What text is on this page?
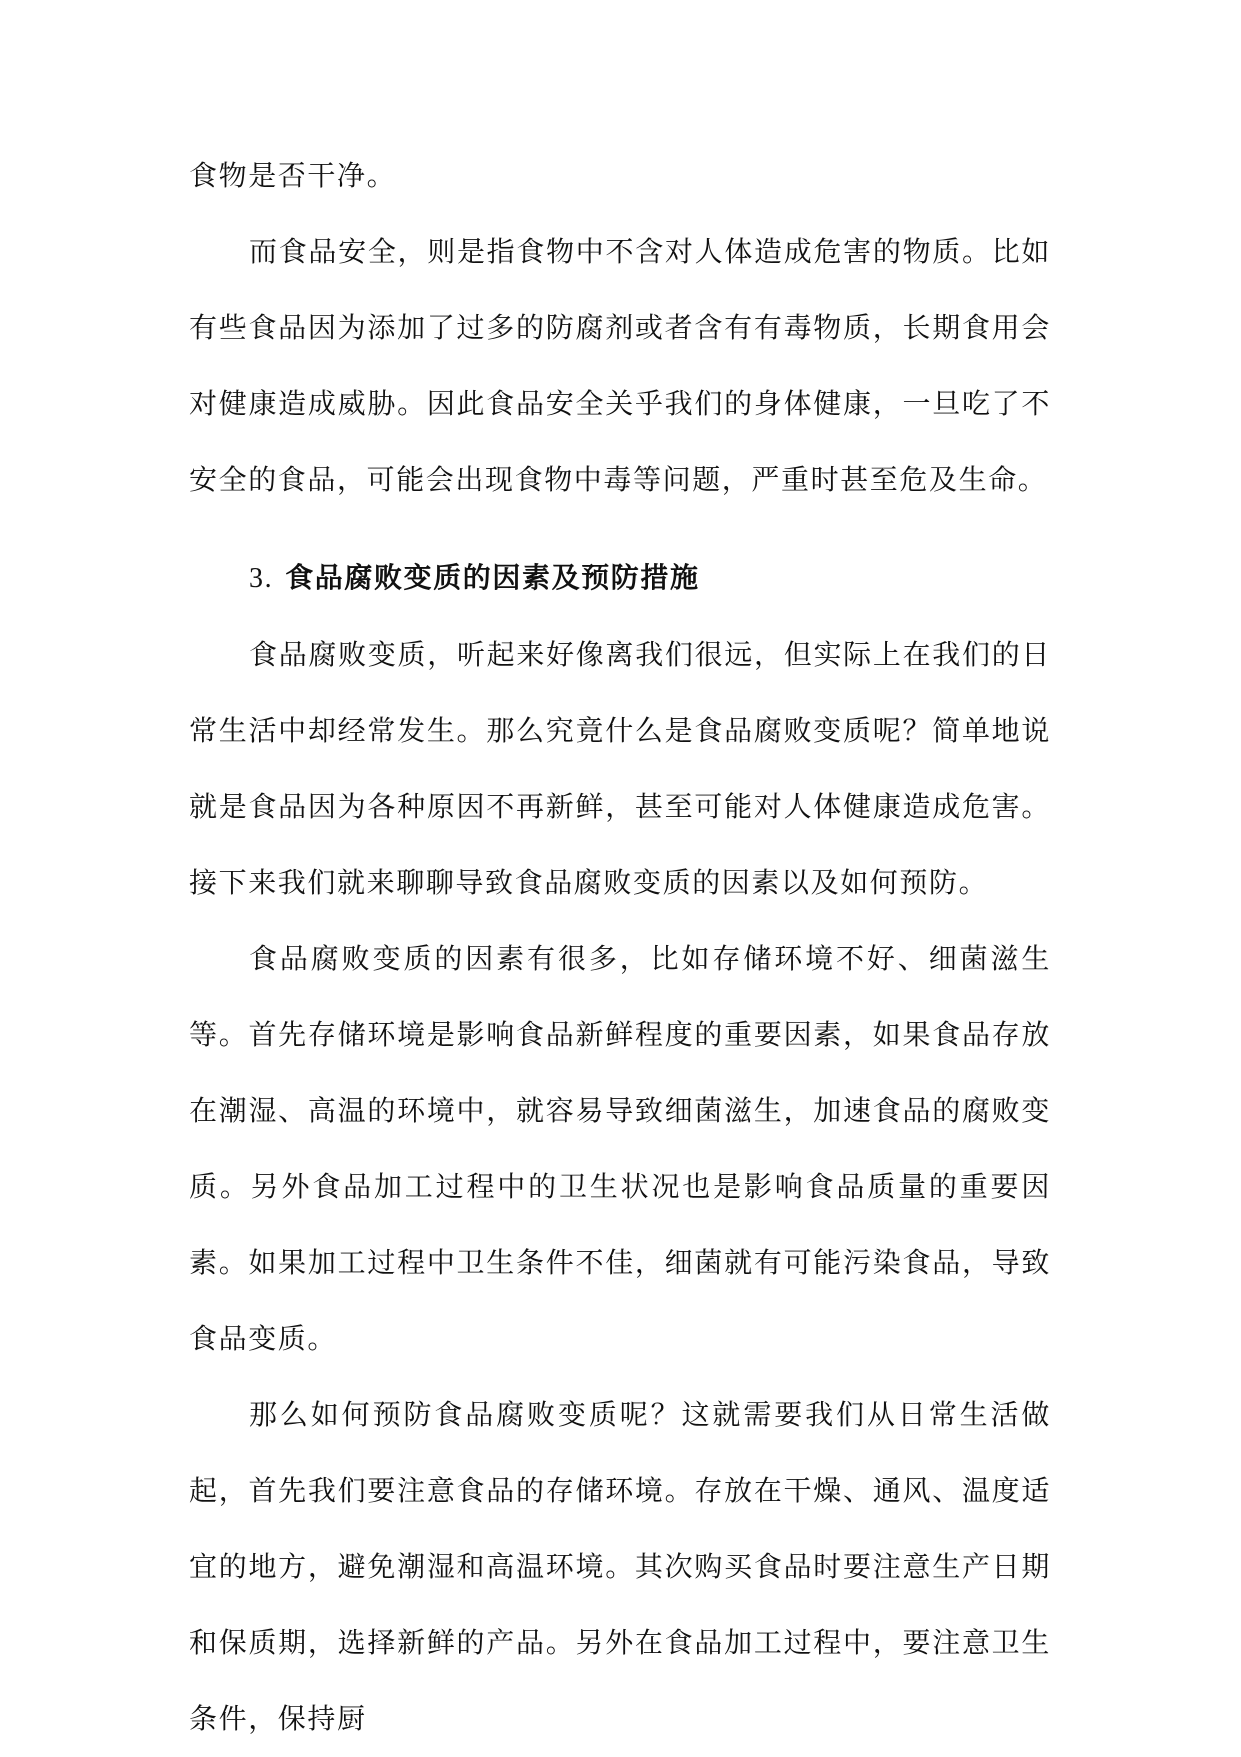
食物是否干净。

而食品安全，则是指食物中不含对人体造成危害的物质。比如有些食品因为添加了过多的防腐剂或者含有有毒物质，长期食用会对健康造成威胁。因此食品安全关乎我们的身体健康，一旦吃了不安全的食品，可能会出现食物中毒等问题，严重时甚至危及生命。

3. 食品腐败变质的因素及预防措施

食品腐败变质，听起来好像离我们很远，但实际上在我们的日常生活中却经常发生。那么究竟什么是食品腐败变质呢？简单地说就是食品因为各种原因不再新鲜，甚至可能对人体健康造成危害。接下来我们就来聊聊导致食品腐败变质的因素以及如何预防。

食品腐败变质的因素有很多，比如存储环境不好、细菌滋生等。首先存储环境是影响食品新鲜程度的重要因素，如果食品存放在潮湿、高温的环境中，就容易导致细菌滋生，加速食品的腐败变质。另外食品加工过程中的卫生状况也是影响食品质量的重要因素。如果加工过程中卫生条件不佳，细菌就有可能污染食品，导致食品变质。

那么如何预防食品腐败变质呢？这就需要我们从日常生活做起，首先我们要注意食品的存储环境。存放在干燥、通风、温度适宜的地方，避免潮湿和高温环境。其次购买食品时要注意生产日期和保质期，选择新鲜的产品。另外在食品加工过程中，要注意卫生条件，保持厨
